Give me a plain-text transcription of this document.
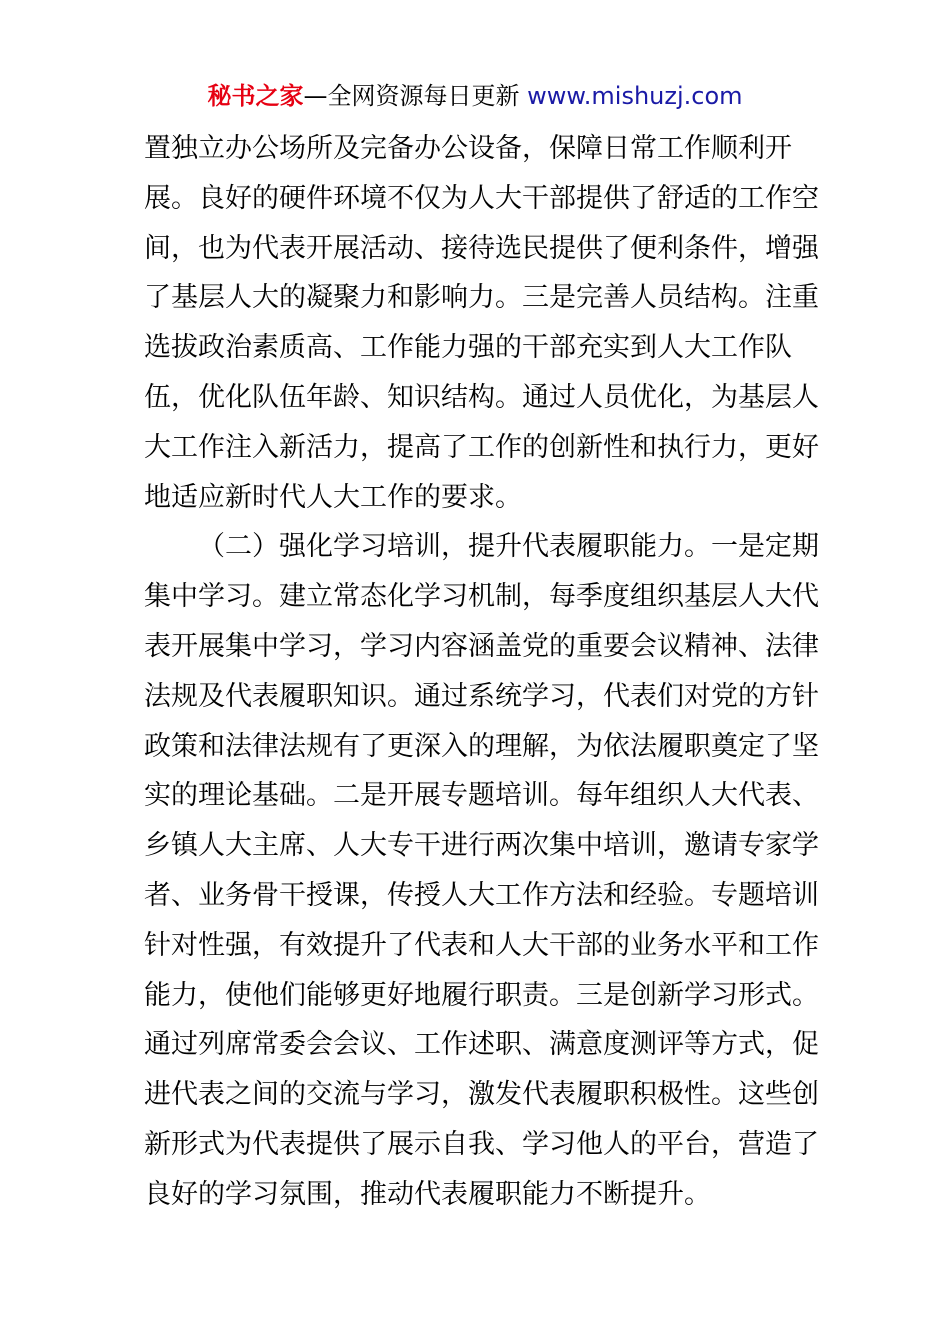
秘书之家—全网资源每日更新 www.mishuzj.com
置独立办公场所及完备办公设备，保障日常工作顺利开
展。良好的硬件环境不仅为人大干部提供了舒适的工作空
间，也为代表开展活动、接待选民提供了便利条件，增强
了基层人大的凝聚力和影响力。三是完善人员结构。注重
选拔政治素质高、工作能力强的干部充实到人大工作队
伍，优化队伍年龄、知识结构。通过人员优化，为基层人
大工作注入新活力，提高了工作的创新性和执行力，更好
地适应新时代人大工作的要求。
（二）强化学习培训，提升代表履职能力。一是定期
集中学习。建立常态化学习机制，每季度组织基层人大代
表开展集中学习，学习内容涵盖党的重要会议精神、法律
法规及代表履职知识。通过系统学习，代表们对党的方针
政策和法律法规有了更深入的理解，为依法履职奠定了坚
实的理论基础。二是开展专题培训。每年组织人大代表、
乡镇人大主席、人大专干进行两次集中培训，邀请专家学
者、业务骨干授课，传授人大工作方法和经验。专题培训
针对性强，有效提升了代表和人大干部的业务水平和工作
能力，使他们能够更好地履行职责。三是创新学习形式。
通过列席常委会会议、工作述职、满意度测评等方式，促
进代表之间的交流与学习，激发代表履职积极性。这些创
新形式为代表提供了展示自我、学习他人的平台，营造了
良好的学习氛围，推动代表履职能力不断提升。
